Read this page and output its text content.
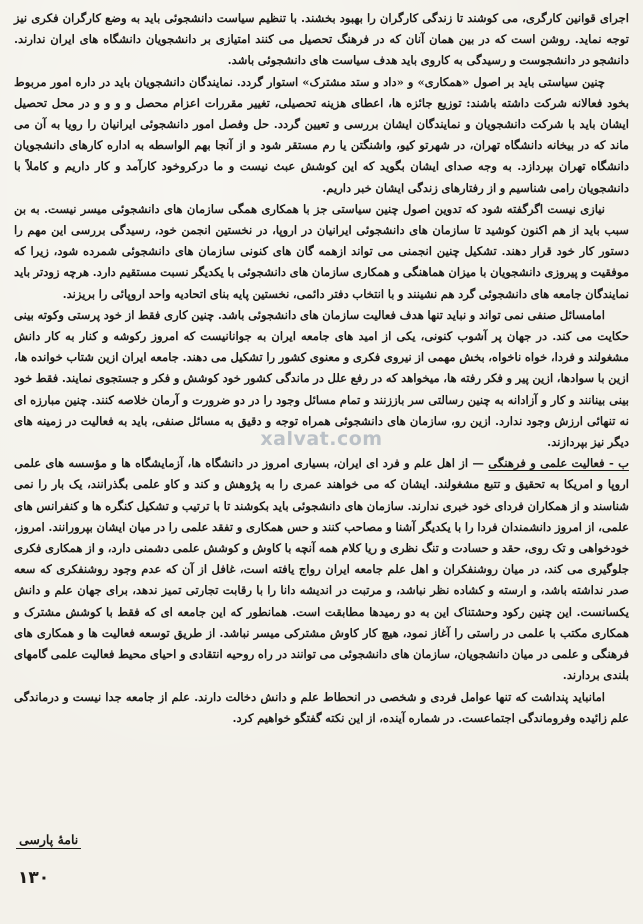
اجرای قوانین کارگری، می کوشند تا زندگی کارگران را بهبود بخشند. با تنظیم سیاست دانشجوئی باید به وضع کارگران فکری نیز توجه نماید. روشن است که در بین همان آنان که در فرهنگ تحصیل می کنند امتیازی بر دانشجویان دانشگاه های ایران ندارند. دانشجو در دانشجوست و رسیدگی به کاروی باید هدف سیاست های دانشجوئی باشد.

چنین سیاستی باید بر اصول «همکاری» و «داد و ستد مشترک» استوار گردد. نمایندگان دانشجویان باید در داره امور مربوط بخود فعالانه شرکت داشته باشند: توزیع جائزه ها، اعطای هزینه تحصیلی، تغییر مقررات اعزام محصل و و و و در محل تحصیل ایشان باید با شرکت دانشجویان و نمایندگان ایشان بررسی و تعیین گردد. حل وفصل امور دانشجوئی ایرانیان را رویا به آن می ماند که در بیخانه دانشگاه تهران، در شهرتو کیو، واشنگتن یا رم مستقر شود و از آنجا بهم الواسطه به اداره کارهای دانشجویان دانشگاه تهران بپردازد. به وجه صدای ایشان بگوید که این کوشش عبث نیست و ما درکروخود کارآمد و کار داریم و کاملاً با دانشجویان رامی شناسیم و از رفتارهای زندگی ایشان خبر داریم.

نیازی نیست اگرگفته شود که تدوین اصول چنین سیاستی جز با همکاری همگی سازمان های دانشجوئی میسر نیست. به بن سبب باید از هم اکنون کوشید تا سازمان های دانشجوئی ایرانیان در اروپا، در نخستین انجمن خود، رسیدگی بررسی این مهم را دستور کار خود قرار دهند. تشکیل چنین انجمنی می تواند ازهمه گان های کنونی سازمان های دانشجوئی شمرده شود، زیرا که موفقیت و پیروزی دانشجویان با میزان هماهنگی و همکاری سازمان های دانشجوئی با یکدیگر نسبت مستقیم دارد. هرچه زودتر باید نمایندگان جامعه های دانشجوئی گرد هم نشینند و با انتخاب دفتر دائمی، نخستین پایه بنای اتحادیه واحد اروپائی را بریزند.

امامسائل صنفی نمی تواند و نباید تنها هدف فعالیت سازمان های دانشجوئی باشد. چنین کاری فقط از خود پرستی وکوته بینی حکایت می کند. در جهان پر آشوب کنونی، یکی از امید های جامعه ایران به جوانانیست که امروز رکوشه و کنار به کار دانش مشغولند و فردا، خواه ناخواه، بخش مهمی از نیروی فکری و معنوی کشور را تشکیل می دهند. جامعه ایران ازین شتاب خوانده ها، ازین با سوادها، ازین پیر و فکر رفته ها، میخواهد که در رفع علل در ماندگی کشور خود کوشش و فکر و جستجوی نمایند. فقط خود بینی بینانند و کار و آزادانه به چنین رسالتی سر باززنند و تمام مسائل وجود را در دو ضرورت و آرمان خلاصه کنند. چنین مبارزه ای نه تنهائی ارزش وجود ندارد. ازین رو، سازمان های دانشجوئی همراه توجه و دقیق به مسائل صنفی، باید به فعالیت در زمینه های دیگر نیز بپردازند.

ب - فعالیت علمی و فرهنگی — از اهل علم و فرد ای ایران، بسیاری امروز در دانشگاه ها، آزمایشگاه ها و مؤسسه های علمی اروپا و امریکا به تحقیق و تتبع مشغولند. ایشان که می خواهند عمری را به پژوهش و کند و کاو علمی بگذرانند، یک بار را نمی شناسند و از همکاران فردای خود خبری ندارند. سازمان های دانشجوئی باید بکوشند تا با ترتیب و تشکیل کنگره ها و کنفرانس های علمی، از امروز دانشمندان فردا را با یکدیگر آشنا و مصاحب کنند و حس همکاری و تفقد علمی را در میان ایشان بپرورانند. امروز، خودخواهی و تک روی، حقد و حسادت و تنگ نظری و ریا کلام همه آنچه با کاوش و کوشش علمی دشمنی دارد، و از همکاری فکری جلوگیری می کند، در میان روشنفکران و اهل علم جامعه ایران رواج یافته است، غافل از آن که عدم وجود روشنفکری که سعه صدر نداشته باشد، و ارسته و کشاده نظر نباشد، و مرتبت در اندیشه دانا را با رقابت تجارتی تمیز ندهد، برای جهان علم و دانش یکسانست. این چنین رکود وحشتناک این به دو رمیدها مطابقت است. همانطور که این جامعه ای که فقط با کوشش مشترک و همکاری مکتب با علمی در راستی را آغاز نمود، هیچ کار کاوش مشترکی میسر نباشد. از طریق توسعه فعالیت ها و همکاری های فرهنگی و علمی در میان دانشجویان، سازمان های دانشجوئی می توانند در راه روحیه انتقادی و احیای محیط فعالیت علمی گامهای بلندی بردارند.

امانباید پنداشت که تنها عوامل فردی و شخصی در انحطاط علم و دانش دخالت دارند. علم از جامعه جدا نیست و درماندگی علم زائیده وفروماندگی اجتماعست. در شماره آینده، از این نکته گفتگو خواهیم کرد.

xalvat.com
نامهٔ پارسی
۱۳۰
